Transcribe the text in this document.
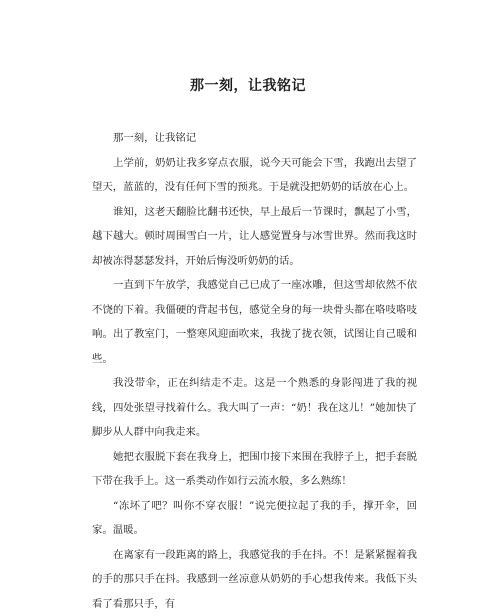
那一刻，让我铭记

那一刻，让我铭记

上学前，奶奶让我多穿点衣服，说今天可能会下雪，我跑出去望了望天，蓝蓝的，没有任何下雪的预兆。于是就没把奶奶的话放在心上。

谁知，这老天翻脸比翻书还快，早上最后一节课时，飘起了小雪，越下越大。顿时周围雪白一片，让人感觉置身与冰雪世界。然而我这时却被冻得瑟瑟发抖，开始后悔没听奶奶的话。

一直到下午放学，我感觉自己已成了一座冰雕，但这雪却依然不依不饶的下着。我僵硬的背起书包，感觉全身的每一块骨头都在咯吱咯吱响。出了教室门，一整寒风迎面吹来，我拢了拢衣领，试图让自己暖和些。

我没带伞，正在纠结走不走。这是一个熟悉的身影闯进了我的视线，四处张望寻找着什么。我大叫了一声：“奶！我在这儿！”她加快了脚步从人群中向我走来。

她把衣服脱下套在我身上，把围巾接下来围在我脖子上，把手套脱下带在我手上。这一系类动作如行云流水般，多么熟练！

“冻坏了吧？叫你不穿衣服！”说完便拉起了我的手，撑开伞，回家。温暖。

在离家有一段距离的路上，我感觉我的手在抖。不！是紧紧握着我的手的那只手在抖。我感到一丝凉意从奶奶的手心想我传来。我低下头看了看那只手，有
